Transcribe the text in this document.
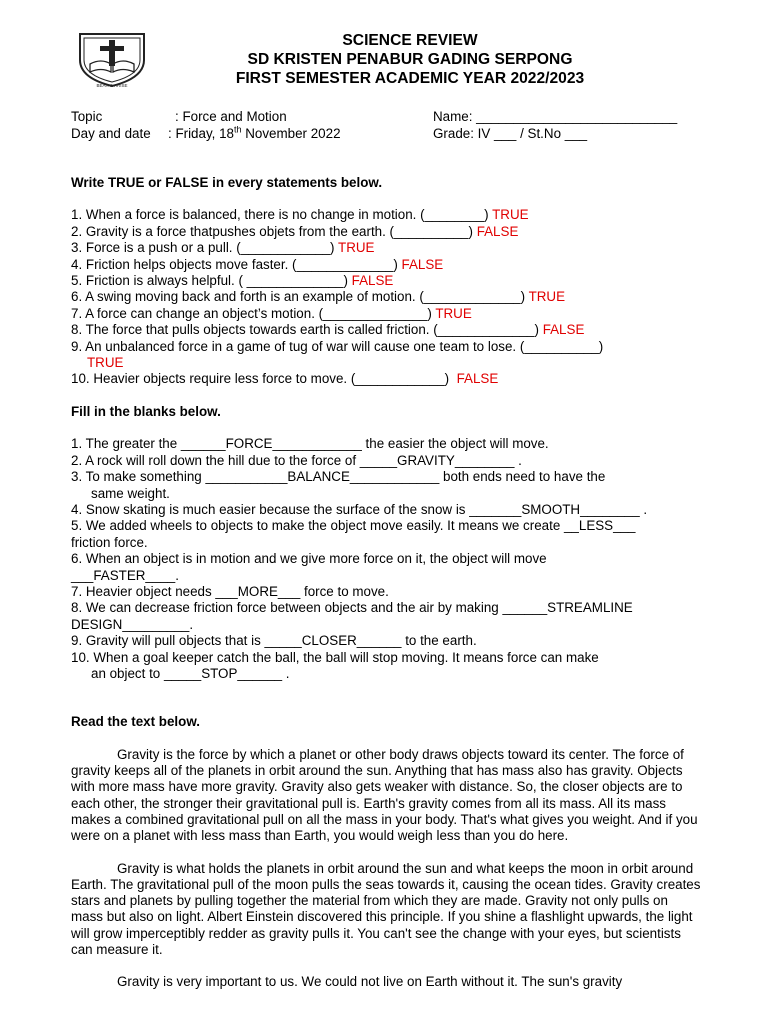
BEAR & ARISE
SCIENCE REVIEW
SD KRISTEN PENABUR GADING SERPONG
FIRST SEMESTER ACADEMIC YEAR 2022/2023
Topic	: Force and Motion	Name: ___________________________
Day and date : Friday, 18th November 2022	Grade: IV ___ / St.No ___

Write TRUE or FALSE in every statements below.

1. When a force is balanced, there is no change in motion. (________) TRUE

2. Gravity is a force thatpushes objets from the earth. (__________) FALSE

3. Force is a push or a pull. (____________) TRUE

4. Friction helps objects move faster. (_____________) FALSE

5. Friction is always helpful. ( _____________) FALSE

6. A swing moving back and forth is an example of motion. (_____________) TRUE

7. A force can change an object’s motion. (______________) TRUE

8. The force that pulls objects towards earth is called friction. (_____________) FALSE

9. An unbalanced force in a game of tug of war will cause one team to lose. (__________)
TRUE

10. Heavier objects require less force to move. (____________) FALSE

Fill in the blanks below.

1. The greater the ______FORCE____________ the easier the object will move.

2. A rock will roll down the hill due to the force of _____GRAVITY________ .

3. To make something ___________BALANCE____________ both ends need to have the

same weight.

4. Snow skating is much easier because the surface of the snow is _______SMOOTH________ .

5. We added wheels to objects to make the object move easily. It means we create __LESS___

friction force.

6. When an object is in motion and we give more force on it, the object will move

___FASTER____.

7. Heavier object needs ___MORE___ force to move.

8. We can decrease friction force between objects and the air by making ______STREAMLINE

DESIGN_________.

9. Gravity will pull objects that is _____CLOSER______ to the earth.

10. When a goal keeper catch the ball, the ball will stop moving. It means force can make

an object to _____STOP______ .

Read the text below.

Gravity is the force by which a planet or other body draws objects toward its center. The force of gravity keeps all of the planets in orbit around the sun. Anything that has mass also has gravity. Objects with more mass have more gravity. Gravity also gets weaker with distance. So, the closer objects are to each other, the stronger their gravitational pull is. Earth's gravity comes from all its mass. All its mass makes a combined gravitational pull on all the mass in your body. That's what gives you weight. And if you were on a planet with less mass than Earth, you would weigh less than you do here.

Gravity is what holds the planets in orbit around the sun and what keeps the moon in orbit around Earth. The gravitational pull of the moon pulls the seas towards it, causing the ocean tides. Gravity creates stars and planets by pulling together the material from which they are made. Gravity not only pulls on mass but also on light. Albert Einstein discovered this principle. If you shine a flashlight upwards, the light will grow imperceptibly redder as gravity pulls it. You can't see the change with your eyes, but scientists can measure it.

Gravity is very important to us. We could not live on Earth without it. The sun's gravity
